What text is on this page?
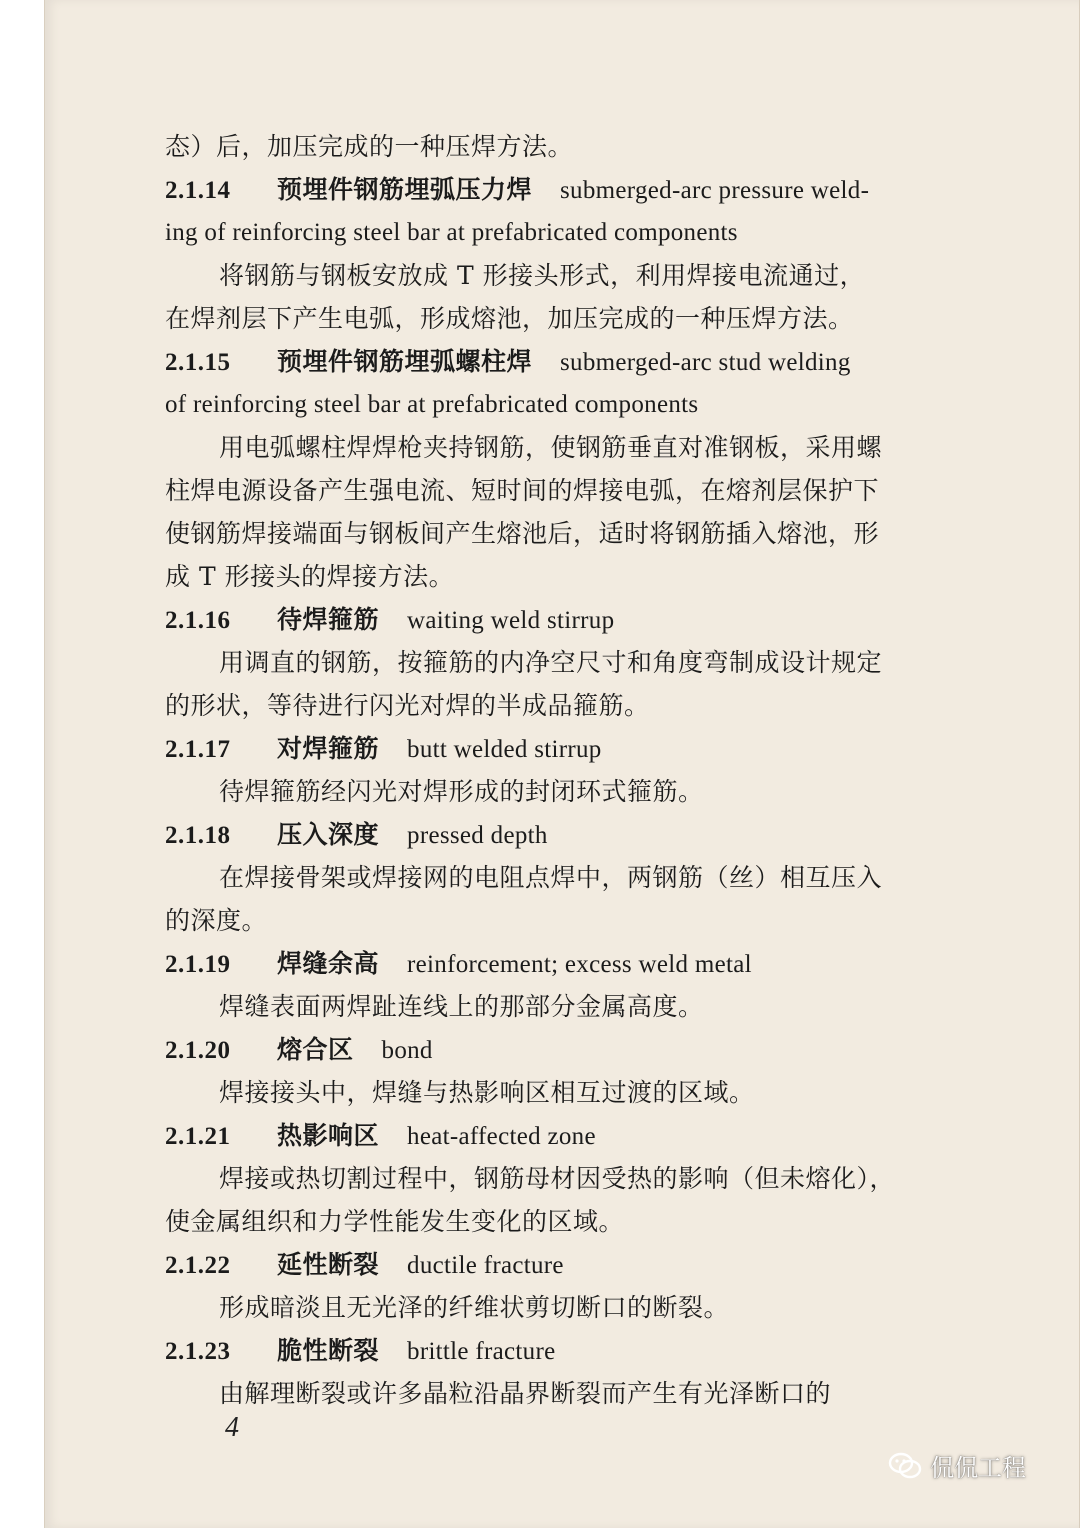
态）后，加压完成的一种压焊方法。
2.1.14 预埋件钢筋埋弧压力焊 submerged-arc pressure weld-
ing of reinforcing steel bar at prefabricated components
将钢筋与钢板安放成 T 形接头形式，利用焊接电流通过，
在焊剂层下产生电弧，形成熔池，加压完成的一种压焊方法。
2.1.15 预埋件钢筋埋弧螺柱焊 submerged-arc stud welding
of reinforcing steel bar at prefabricated components
用电弧螺柱焊焊枪夹持钢筋，使钢筋垂直对准钢板，采用螺
柱焊电源设备产生强电流、短时间的焊接电弧，在熔剂层保护下
使钢筋焊接端面与钢板间产生熔池后，适时将钢筋插入熔池，形
成 T 形接头的焊接方法。
2.1.16 待焊箍筋 waiting weld stirrup
用调直的钢筋，按箍筋的内净空尺寸和角度弯制成设计规定
的形状，等待进行闪光对焊的半成品箍筋。
2.1.17 对焊箍筋 butt welded stirrup
待焊箍筋经闪光对焊形成的封闭环式箍筋。
2.1.18 压入深度 pressed depth
在焊接骨架或焊接网的电阻点焊中，两钢筋（丝）相互压入
的深度。
2.1.19 焊缝余高 reinforcement; excess weld metal
焊缝表面两焊趾连线上的那部分金属高度。
2.1.20 熔合区 bond
焊接接头中，焊缝与热影响区相互过渡的区域。
2.1.21 热影响区 heat-affected zone
焊接或热切割过程中，钢筋母材因受热的影响（但未熔化），
使金属组织和力学性能发生变化的区域。
2.1.22 延性断裂 ductile fracture
形成暗淡且无光泽的纤维状剪切断口的断裂。
2.1.23 脆性断裂 brittle fracture
由解理断裂或许多晶粒沿晶界断裂而产生有光泽断口的
4
侃侃工程
